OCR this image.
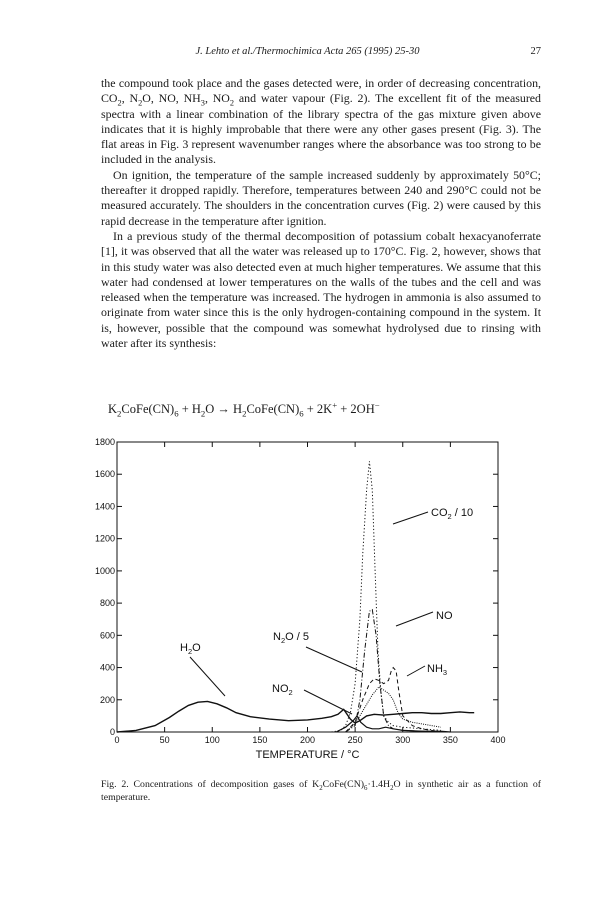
J. Lehto et al./Thermochimica Acta 265 (1995) 25-30	27

the compound took place and the gases detected were, in order of decreasing concentration, $CO_2$, $N_2O$, NO, $NH_3$, $NO_2$ and water vapour (Fig. 2). The excellent fit of the measured spectra with a linear combination of the library spectra of the gas mixture given above indicates that it is highly improbable that there were any other gases present (Fig. 3). The flat areas in Fig. 3 represent wavenumber ranges where the absorbance was too strong to be included in the analysis.

On ignition, the temperature of the sample increased suddenly by approximately 50°C; thereafter it dropped rapidly. Therefore, temperatures between 240 and 290°C could not be measured accurately. The shoulders in the concentration curves (Fig. 2) were caused by this rapid decrease in the temperature after ignition.

In a previous study of the thermal decomposition of potassium cobalt hexacyanoferrate [1], it was observed that all the water was released up to 170°C. Fig. 2, however, shows that in this study water was also detected even at much higher temperatures. We assume that this water had condensed at lower temperatures on the walls of the tubes and the cell and was released when the temperature was increased. The hydrogen in ammonia is also assumed to originate from water since this is the only hydrogen-containing compound in the system. It is, however, possible that the compound was somewhat hydrolysed due to rinsing with water after its synthesis:

$K_2CoFe(CN)_6 + H_2O$ → $H_2CoFe(CN)_6 + 2K^+ + 2OH^-$
0
200
400
600
800
1000
1200
1400
1600
1800
0	50	100	150	200	250	300	350	400
TEMPERATURE / °C
$H_2O$
$CO_2 / 10$
NO
$N_2O / 5$
$NH_3$
$NO_2$
Fig. 2. Concentrations of decomposition gases of $K_2CoFe(CN)_6\cdot 1.4H_2O$ in synthetic air as a function of temperature.
